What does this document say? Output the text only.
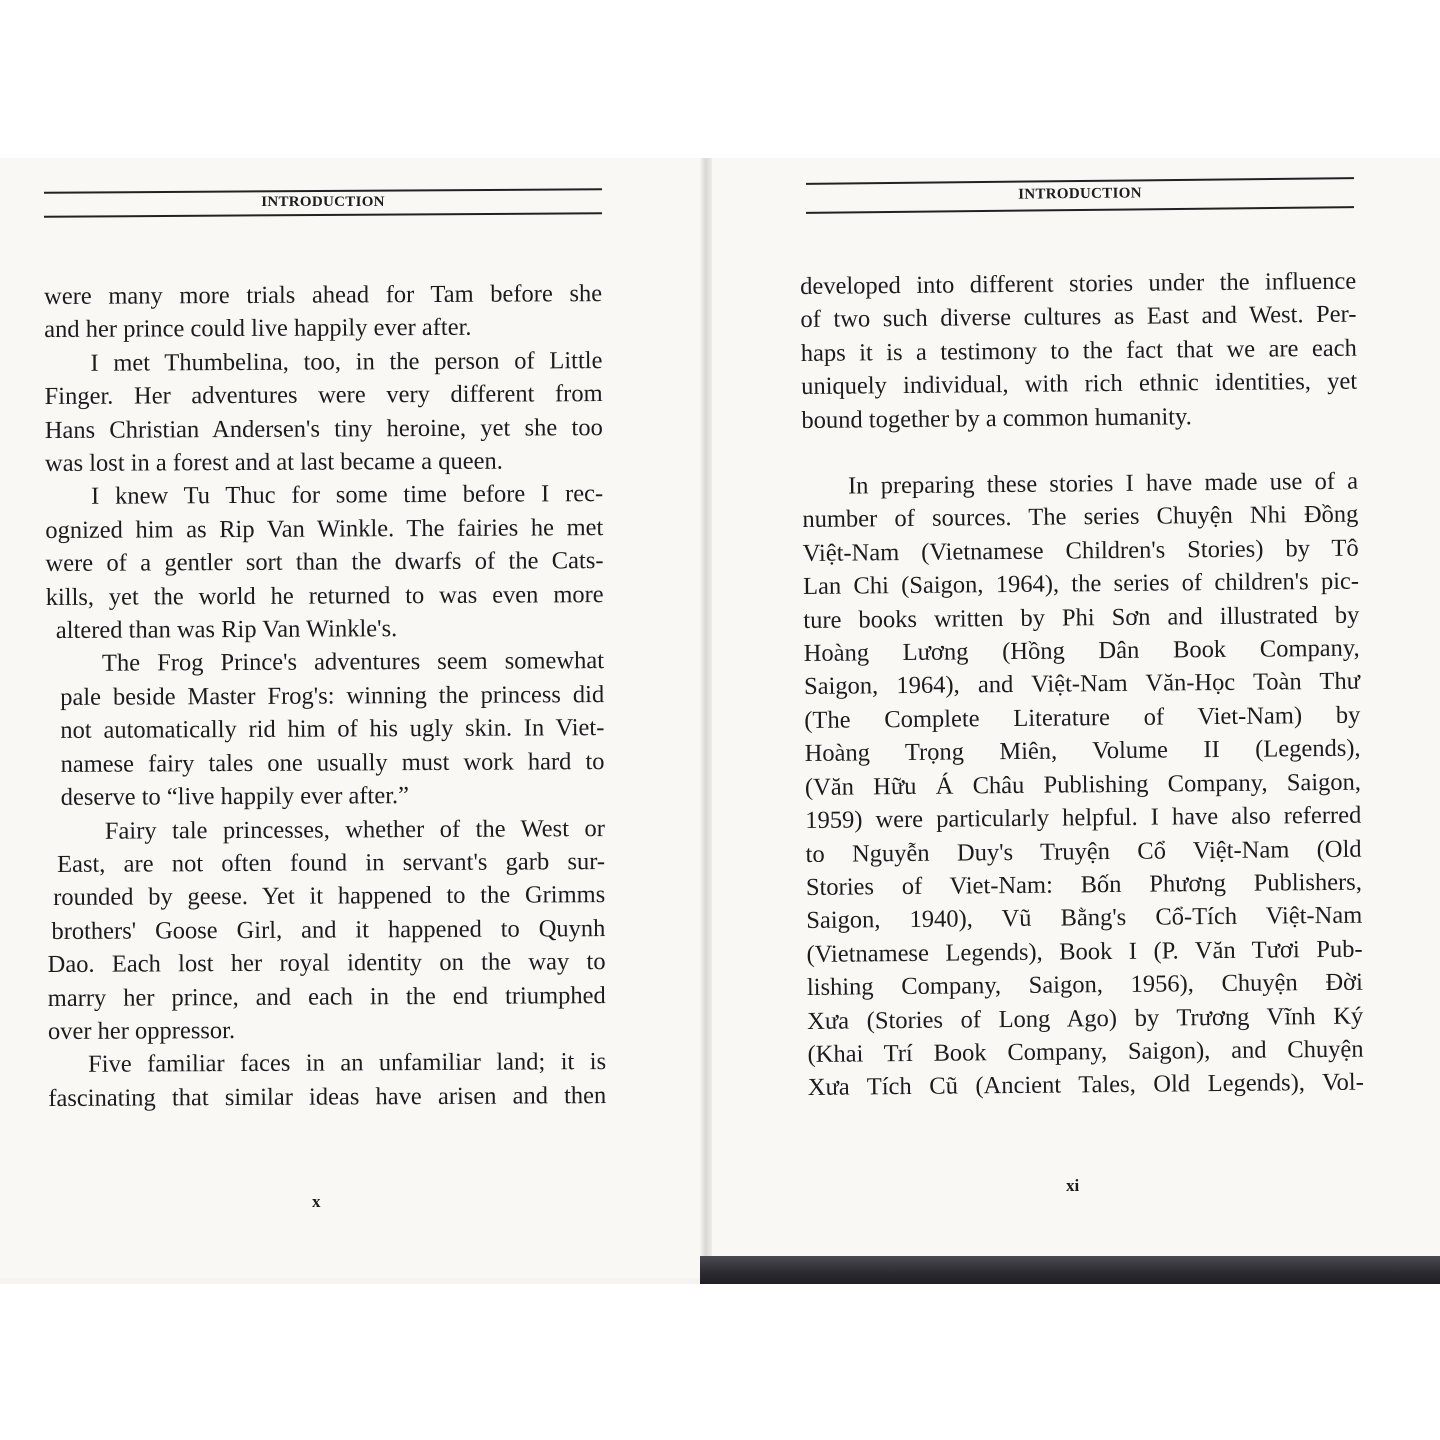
INTRODUCTION
were many more trials ahead for Tam before she
and her prince could live happily ever after.
I met Thumbelina, too, in the person of Little
Finger. Her adventures were very different from
Hans Christian Andersen's tiny heroine, yet she too
was lost in a forest and at last became a queen.
I knew Tu Thuc for some time before I rec-
ognized him as Rip Van Winkle. The fairies he met
were of a gentler sort than the dwarfs of the Cats-
kills, yet the world he returned to was even more
altered than was Rip Van Winkle's.
The Frog Prince's adventures seem somewhat
pale beside Master Frog's: winning the princess did
not automatically rid him of his ugly skin. In Viet-
namese fairy tales one usually must work hard to
deserve to “live happily ever after.”
Fairy tale princesses, whether of the West or
East, are not often found in servant's garb sur-
rounded by geese. Yet it happened to the Grimms
brothers' Goose Girl, and it happened to Quynh
Dao. Each lost her royal identity on the way to
marry her prince, and each in the end triumphed
over her oppressor.
Five familiar faces in an unfamiliar land; it is
fascinating that similar ideas have arisen and then
x
INTRODUCTION
developed into different stories under the influence
of two such diverse cultures as East and West. Per-
haps it is a testimony to the fact that we are each
uniquely individual, with rich ethnic identities, yet
bound together by a common humanity.
In preparing these stories I have made use of a
number of sources. The series Chuyện Nhi Đồng
Việt-Nam (Vietnamese Children's Stories) by Tô
Lan Chi (Saigon, 1964), the series of children's pic-
ture books written by Phi Sơn and illustrated by
Hoàng Lương (Hồng Dân Book Company,
Saigon, 1964), and Việt-Nam Văn-Học Toàn Thư
(The Complete Literature of Viet-Nam) by
Hoàng Trọng Miên, Volume II (Legends),
(Văn Hữu Á Châu Publishing Company, Saigon,
1959) were particularly helpful. I have also referred
to Nguyễn Duy's Truyện Cổ Việt-Nam (Old
Stories of Viet-Nam: Bốn Phương Publishers,
Saigon, 1940), Vũ Bằng's Cổ-Tích Việt-Nam
(Vietnamese Legends), Book I (P. Văn Tươi Pub-
lishing Company, Saigon, 1956), Chuyện Đời
Xưa (Stories of Long Ago) by Trương Vĩnh Ký
(Khai Trí Book Company, Saigon), and Chuyện
Xưa Tích Cũ (Ancient Tales, Old Legends), Vol-
xi
